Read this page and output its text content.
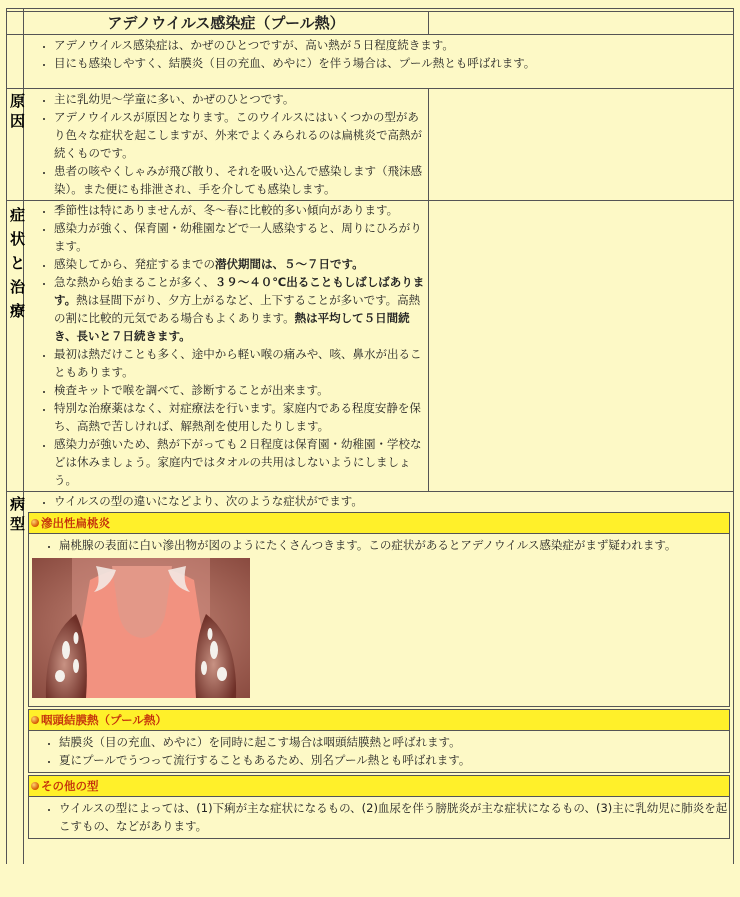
アデノウイルス感染症（プール熱）
• アデノウイルス感染症は、かぜのひとつですが、高い熱が５日程度続きます。
• 目にも感染しやすく、結膜炎（目の充血、めやに）を伴う場合は、プール熱とも呼ばれます。
原因
• 主に乳幼児～学童に多い、かぜのひとつです。
• アデノウイルスが原因となります。このウイルスにはいくつかの型があり色々な症状を起こしますが、外来でよくみられるのは扁桃炎で高熱が続くものです。
• 患者の咳やくしゃみが飛び散り、それを吸い込んで感染します（飛沫感染）。また便にも排泄され、手を介しても感染します。
症状と治療
• 季節性は特にありませんが、冬～春に比較的多い傾向があります。
• 感染力が強く、保育園・幼稚園などで一人感染すると、周りにひろがります。
• 感染してから、発症するまでの潜伏期間は、５～７日です。
• 急な熱から始まることが多く、３９～４０℃出ることもしばしばあります。熱は昼間下がり、夕方上がるなど、上下することが多いです。高熱の割に比較的元気である場合もよくあります。熱は平均して５日間続き、長いと７日続きます。
• 最初は熱だけことも多く、途中から軽い喉の痛みや、咳、鼻水が出ることもあります。
• 検査キットで喉を調べて、診断することが出来ます。
• 特別な治療薬はなく、対症療法を行います。家庭内である程度安静を保ち、高熱で苦しければ、解熱剤を使用したりします。
• 感染力が強いため、熱が下がっても２日程度は保育園・幼稚園・学校などは休みましょう。家庭内ではタオルの共用はしないようにしましょう。
病型
• ウイルスの型の違いになどより、次のような症状がでます。
滲出性扁桃炎
• 扁桃腺の表面に白い滲出物が図のようにたくさんつきます。この症状があるとアデノウイルス感染症がまず疑われます。
咽頭結膜熱（プール熱）
• 結膜炎（目の充血、めやに）を同時に起こす場合は咽頭結膜熱と呼ばれます。
• 夏にプールでうつって流行することもあるため、別名プール熱とも呼ばれます。
その他の型
• ウイルスの型によっては、(1)下痢が主な症状になるもの、(2)血尿を伴う膀胱炎が主な症状になるもの、(3)主に乳幼児に肺炎を起こすもの、などがあります。
